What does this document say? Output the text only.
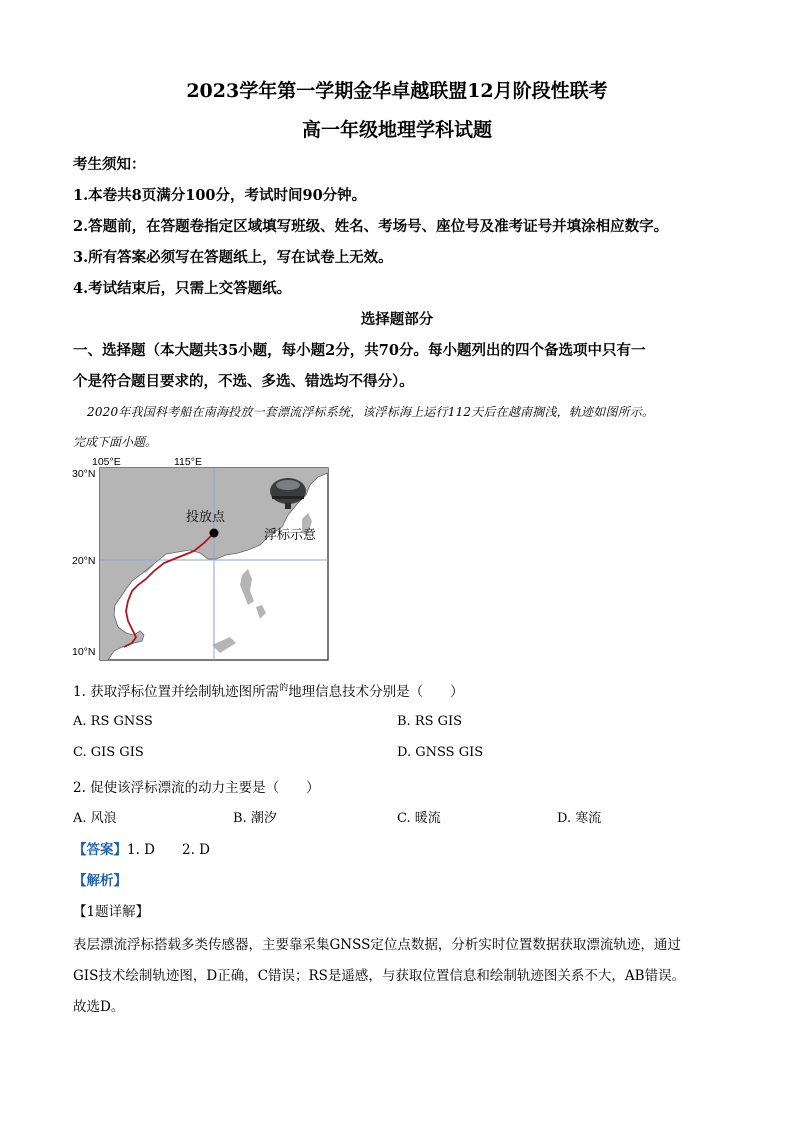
2023学年第一学期金华卓越联盟12月阶段性联考
高一年级地理学科试题
考生须知：
1.本卷共8页满分100分，考试时间90分钟。
2.答题前，在答题卷指定区域填写班级、姓名、考场号、座位号及准考证号并填涂相应数字。
3.所有答案必须写在答题纸上，写在试卷上无效。
4.考试结束后，只需上交答题纸。
选择题部分
一、选择题（本大题共35小题，每小题2分，共70分。每小题列出的四个备选项中只有一
个是符合题目要求的，不选、多选、错选均不得分）。
2020年我国科考船在南海投放一套漂流浮标系统，该浮标海上运行112天后在越南搁浅，轨迹如图所示。
完成下面小题。
105°E	115°E
30°N
20°N
10°N
投放点
浮标示意
1. 获取浮标位置并绘制轨迹图所需$^的$地理信息技术分别是（　　）
A. RS GNSS	B. RS GIS
C. GIS GIS	D. GNSS GIS
2. 促使该浮标漂流的动力主要是（　　）
A. 风浪	B. 潮汐	C. 暖流	D. 寒流
【答案】1. D　　2. D
【解析】
【1题详解】
表层漂流浮标搭载多类传感器，主要靠采集GNSS定位点数据，分析实时位置数据获取漂流轨迹，通过
GIS技术绘制轨迹图，D正确，C错误；RS是遥感，与获取位置信息和绘制轨迹图关系不大，AB错误。
故选D。
